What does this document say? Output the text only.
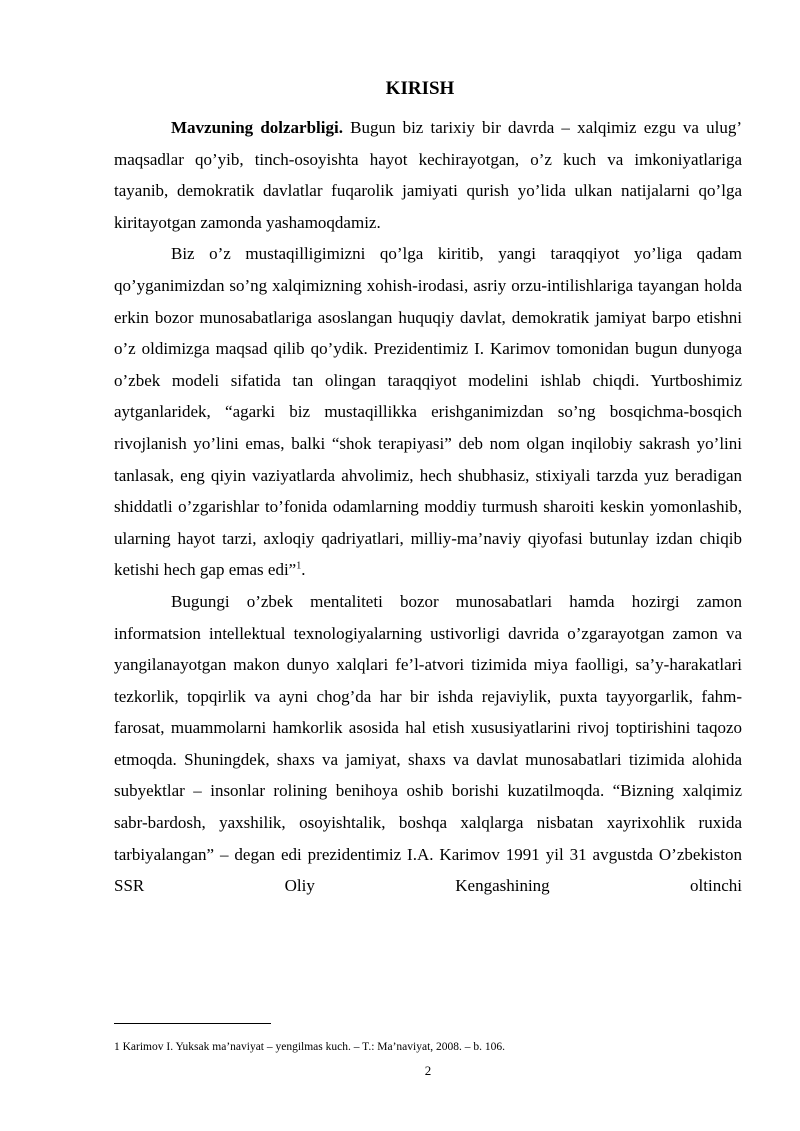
KIRISH

Mavzuning dolzarbligi. Bugun biz tarixiy bir davrda – xalqimiz ezgu va ulug’ maqsadlar qo’yib, tinch-osoyishta hayot kechirayotgan, o’z kuch va imkoniyatlariga tayanib, demokratik davlatlar fuqarolik jamiyati qurish yo’lida ulkan natijalarni qo’lga kiritayotgan zamonda yashamoqdamiz.

Biz o’z mustaqilligimizni qo’lga kiritib, yangi taraqqiyot yo’liga qadam qo’yganimizdan so’ng xalqimizning xohish-irodasi, asriy orzu-intilishlariga tayangan holda erkin bozor munosabatlariga asoslangan huquqiy davlat, demokratik jamiyat barpo etishni o’z oldimizga maqsad qilib qo’ydik. Prezidentimiz I. Karimov tomonidan bugun dunyoga o’zbek modeli sifatida tan olingan taraqqiyot modelini ishlab chiqdi. Yurtboshimiz aytganlaridek, “agarki biz mustaqillikka erishganimizdan so’ng bosqichma-bosqich rivojlanish yo’lini emas, balki “shok terapiyasi” deb nom olgan inqilobiy sakrash yo’lini tanlasak, eng qiyin vaziyatlarda ahvolimiz, hech shubhasiz, stixiyali tarzda yuz beradigan shiddatli o’zgarishlar to’fonida odamlarning moddiy turmush sharoiti keskin yomonlashib, ularning hayot tarzi, axloqiy qadriyatlari, milliy-ma’naviy qiyofasi butunlay izdan chiqib ketishi hech gap emas edi”$^1$.

Bugungi o’zbek mentaliteti bozor munosabatlari hamda hozirgi zamon informatsion intellektual texnologiyalarning ustivorligi davrida o’zgarayotgan zamon va yangilanayotgan makon dunyo xalqlari fe’l-atvori tizimida miya faolligi, sa’y-harakatlari tezkorlik, topqirlik va ayni chog’da har bir ishda rejaviylik, puxta tayyorgarlik, fahm-farosat, muammolarni hamkorlik asosida hal etish xususiyatlarini rivoj toptirishini taqozo etmoqda. Shuningdek, shaxs va jamiyat, shaxs va davlat munosabatlari tizimida alohida subyektlar – insonlar rolining benihoya oshib borishi kuzatilmoqda. “Bizning xalqimiz sabr-bardosh, yaxshilik, osoyishtalik, boshqa xalqlarga nisbatan xayrixohlik ruxida tarbiyalangan” – degan edi prezidentimiz I.A. Karimov 1991 yil 31 avgustda O’zbekiston SSR Oliy Kengashining oltinchi

1 Karimov I. Yuksak ma’naviyat – yengilmas kuch. – T.: Ma’naviyat, 2008. – b. 106.
2
